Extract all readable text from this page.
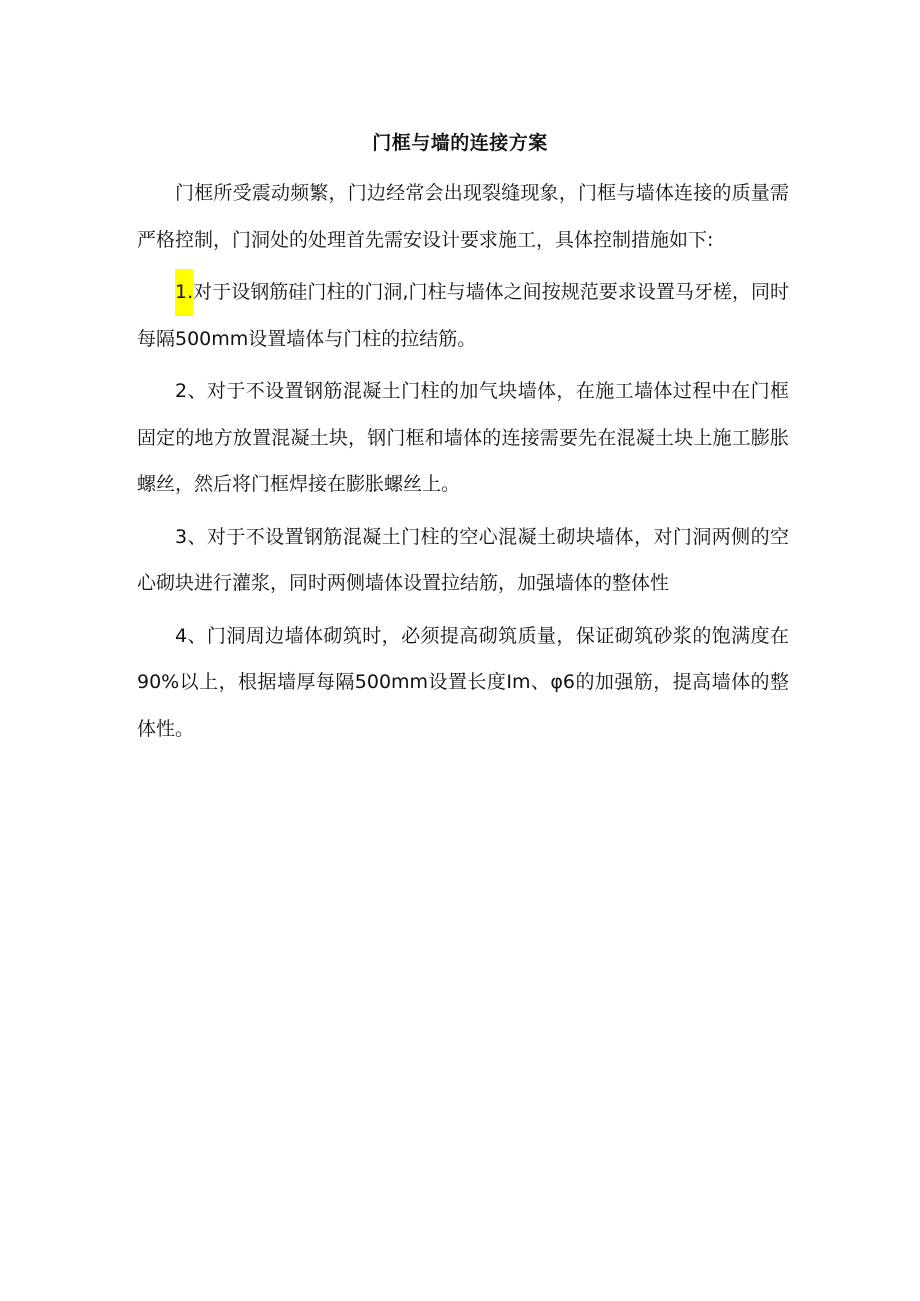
门框与墙的连接方案

门框所受震动频繁，门边经常会出现裂缝现象，门框与墙体连接的质量需严格控制，门洞处的处理首先需安设计要求施工，具体控制措施如下:

1.对于设钢筋硅门柱的门洞,门柱与墙体之间按规范要求设置马牙槎，同时每隔500mm设置墙体与门柱的拉结筋。

2、对于不设置钢筋混凝土门柱的加气块墙体，在施工墙体过程中在门框固定的地方放置混凝土块，钢门框和墙体的连接需要先在混凝土块上施工膨胀螺丝，然后将门框焊接在膨胀螺丝上。

3、对于不设置钢筋混凝土门柱的空心混凝土砌块墙体，对门洞两侧的空心砌块进行灌浆，同时两侧墙体设置拉结筋，加强墙体的整体性

4、门洞周边墙体砌筑时，必须提高砌筑质量，保证砌筑砂浆的饱满度在90%以上，根据墙厚每隔500mm设置长度Im、φ6的加强筋，提高墙体的整体性。
